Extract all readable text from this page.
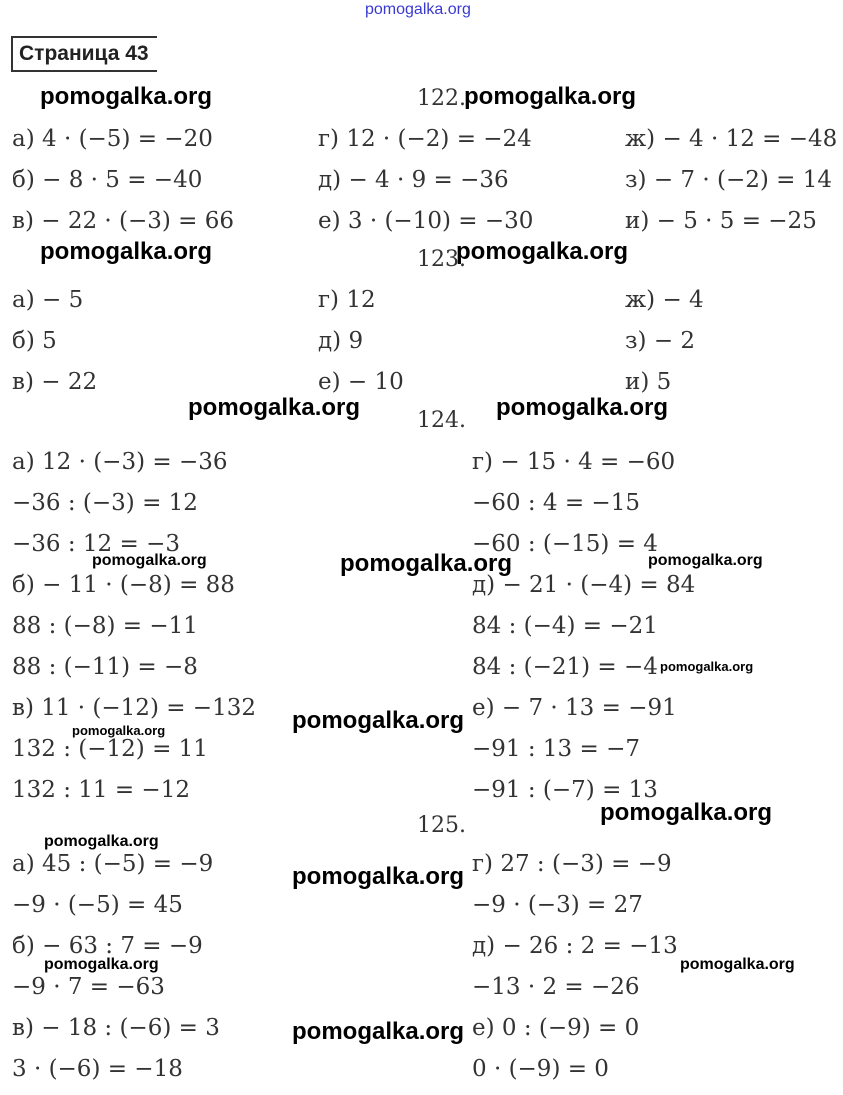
pomogalka.org
Страница 43
122.
а) 4 · (−5) = −20	г) 12 · (−2) = −24	ж) − 4 · 12 = −48
б) − 8 · 5 = −40	д) − 4 · 9 = −36	з) − 7 · (−2) = 14
в) − 22 · (−3) = 66	е) 3 · (−10) = −30	и) − 5 · 5 = −25
123.
а) − 5	г) 12	ж) − 4
б) 5	д) 9	з) − 2
в) − 22	е) − 10	и) 5
124.
а) 12 · (−3) = −36
−36 : (−3) = 12
−36 : 12 = −3
б) − 11 · (−8) = 88
88 : (−8) = −11
88 : (−11) = −8
в) 11 · (−12) = −132
132 : (−12) = 11
132 : 11 = −12
г) − 15 · 4 = −60
−60 : 4 = −15
−60 : (−15) = 4
д) − 21 · (−4) = 84
84 : (−4) = −21
84 : (−21) = −4
е) − 7 · 13 = −91
−91 : 13 = −7
−91 : (−7) = 13
125.
а) 45 : (−5) = −9
−9 · (−5) = 45
б) − 63 : 7 = −9
−9 · 7 = −63
в) − 18 : (−6) = 3
3 · (−6) = −18
г) 27 : (−3) = −9
−9 · (−3) = 27
д) − 26 : 2 = −13
−13 · 2 = −26
е) 0 : (−9) = 0
0 · (−9) = 0
pomogalka.org	pomogalka.org
pomogalka.org	pomogalka.org
pomogalka.org	pomogalka.org
pomogalka.org	pomogalka.org	pomogalka.org
pomogalka.org
pomogalka.org	pomogalka.org
pomogalka.org
pomogalka.org
pomogalka.org
pomogalka.org	pomogalka.org
pomogalka.org
